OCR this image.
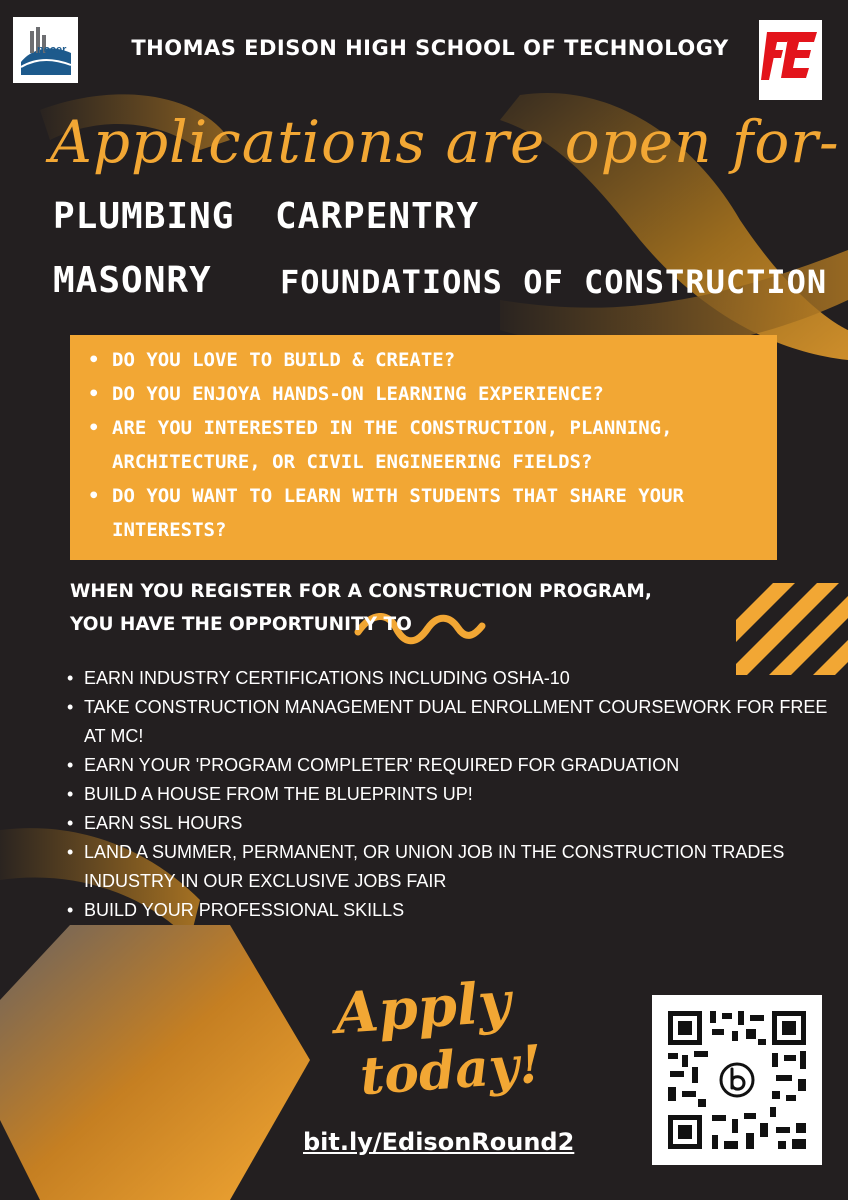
nccer	THOMAS EDISON HIGH SCHOOL OF TECHNOLOGY
Applications are open for-
PLUMBING CARPENTRY
MASONRY FOUNDATIONS OF CONSTRUCTION
• DO YOU LOVE TO BUILD & CREATE?
• DO YOU ENJOYA HANDS-ON LEARNING EXPERIENCE?
• ARE YOU INTERESTED IN THE CONSTRUCTION, PLANNING, ARCHITECTURE, OR CIVIL ENGINEERING FIELDS?
• DO YOU WANT TO LEARN WITH STUDENTS THAT SHARE YOUR INTERESTS?
WHEN YOU REGISTER FOR A CONSTRUCTION PROGRAM, YOU HAVE THE OPPORTUNITY TO
• EARN INDUSTRY CERTIFICATIONS INCLUDING OSHA-10
• TAKE CONSTRUCTION MANAGEMENT DUAL ENROLLMENT COURSEWORK FOR FREE AT MC!
• EARN YOUR 'PROGRAM COMPLETER' REQUIRED FOR GRADUATION
• BUILD A HOUSE FROM THE BLUEPRINTS UP!
• EARN SSL HOURS
• LAND A SUMMER, PERMANENT, OR UNION JOB IN THE CONSTRUCTION TRADES INDUSTRY IN OUR EXCLUSIVE JOBS FAIR
• BUILD YOUR PROFESSIONAL SKILLS
Apply
today!
bit.ly/EdisonRound2
